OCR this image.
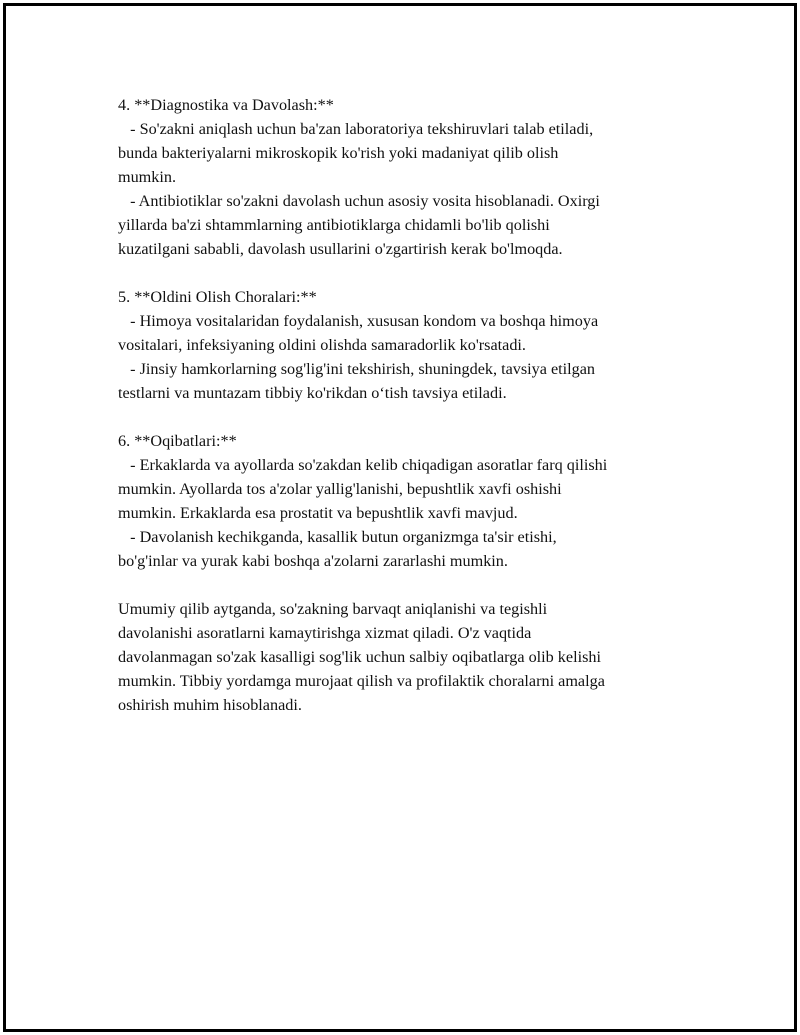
4. **Diagnostika va Davolash:**
- So'zakni aniqlash uchun ba'zan laboratoriya tekshiruvlari talab etiladi,
bunda bakteriyalarni mikroskopik ko'rish yoki madaniyat qilib olish
mumkin.
- Antibiotiklar so'zakni davolash uchun asosiy vosita hisoblanadi. Oxirgi
yillarda ba'zi shtammlarning antibiotiklarga chidamli bo'lib qolishi
kuzatilgani sababli, davolash usullarini o'zgartirish kerak bo'lmoqda.
5. **Oldini Olish Choralari:**
- Himoya vositalaridan foydalanish, xususan kondom va boshqa himoya
vositalari, infeksiyaning oldini olishda samaradorlik ko'rsatadi.
- Jinsiy hamkorlarning sog'lig'ini tekshirish, shuningdek, tavsiya etilgan
testlarni va muntazam tibbiy ko'rikdan o‘tish tavsiya etiladi.
6. **Oqibatlari:**
- Erkaklarda va ayollarda so'zakdan kelib chiqadigan asoratlar farq qilishi
mumkin. Ayollarda tos a'zolar yallig'lanishi, bepushtlik xavfi oshishi
mumkin. Erkaklarda esa prostatit va bepushtlik xavfi mavjud.
- Davolanish kechikganda, kasallik butun organizmga ta'sir etishi,
bo'g'inlar va yurak kabi boshqa a'zolarni zararlashi mumkin.
Umumiy qilib aytganda, so'zakning barvaqt aniqlanishi va tegishli
davolanishi asoratlarni kamaytirishga xizmat qiladi. O'z vaqtida
davolanmagan so'zak kasalligi sog'lik uchun salbiy oqibatlarga olib kelishi
mumkin. Tibbiy yordamga murojaat qilish va profilaktik choralarni amalga
oshirish muhim hisoblanadi.
